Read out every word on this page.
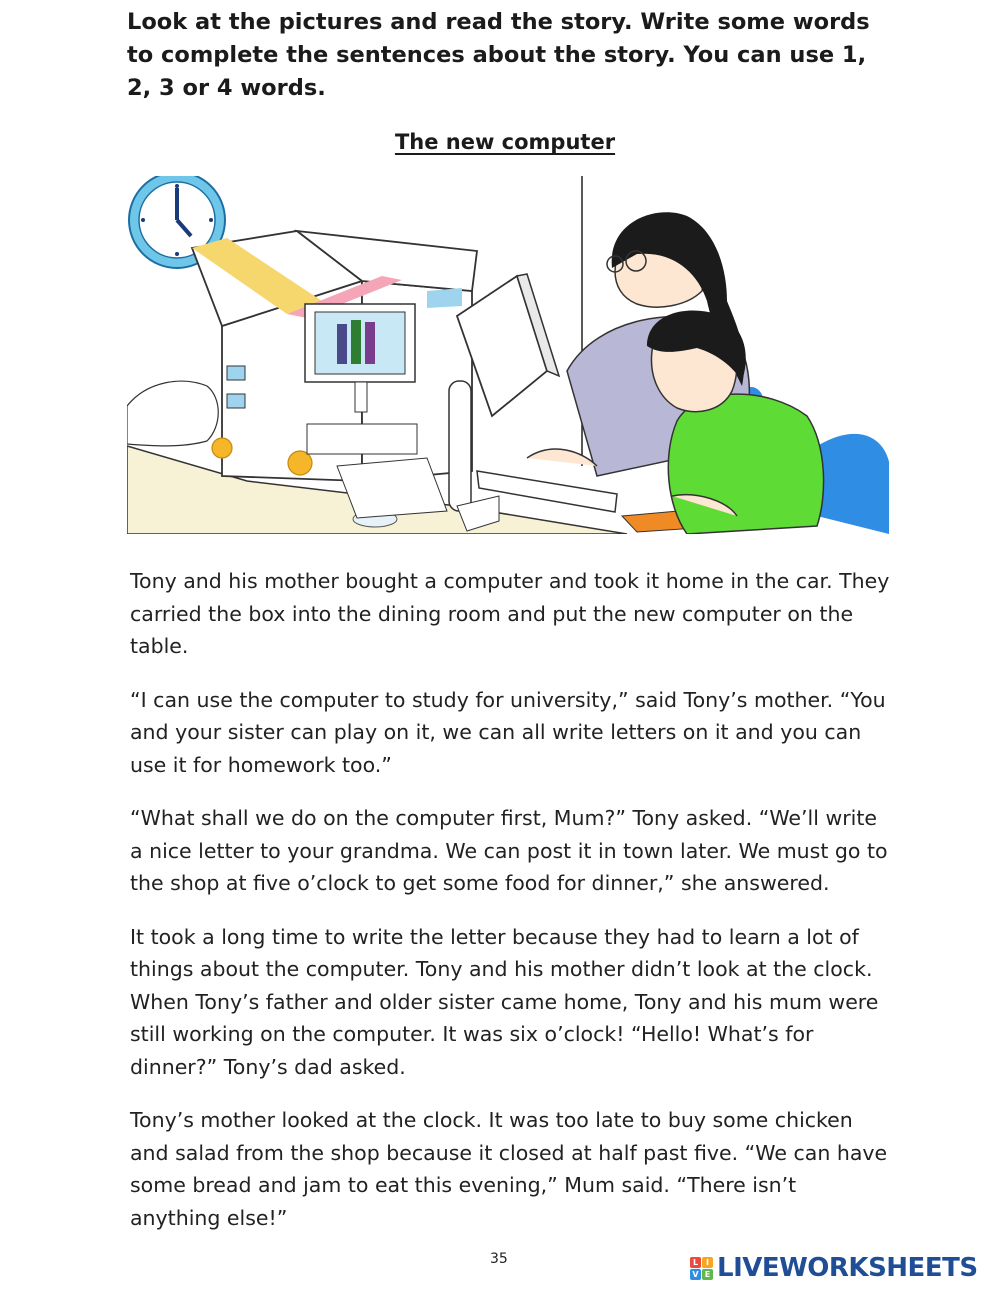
Look at the pictures and read the story. Write some words to complete the sentences about the story. You can use 1, 2, 3 or 4 words.
The new computer

Tony and his mother bought a computer and took it home in the car. They carried the box into the dining room and put the new computer on the table.

“I can use the computer to study for university,” said Tony’s mother. “You and your sister can play on it, we can all write letters on it and you can use it for homework too.”

“What shall we do on the computer first, Mum?” Tony asked. “We’ll write a nice letter to your grandma. We can post it in town later. We must go to the shop at five o’clock to get some food for dinner,” she answered.

It took a long time to write the letter because they had to learn a lot of things about the computer. Tony and his mother didn’t look at the clock. When Tony’s father and older sister came home, Tony and his mum were still working on the computer. It was six o’clock! “Hello! What’s for dinner?” Tony’s dad asked.

Tony’s mother looked at the clock. It was too late to buy some chicken and salad from the shop because it closed at half past five. “We can have some bread and jam to eat this evening,” Mum said. “There isn’t anything else!”

35	L I
V E LIVEWORKSHEETS
